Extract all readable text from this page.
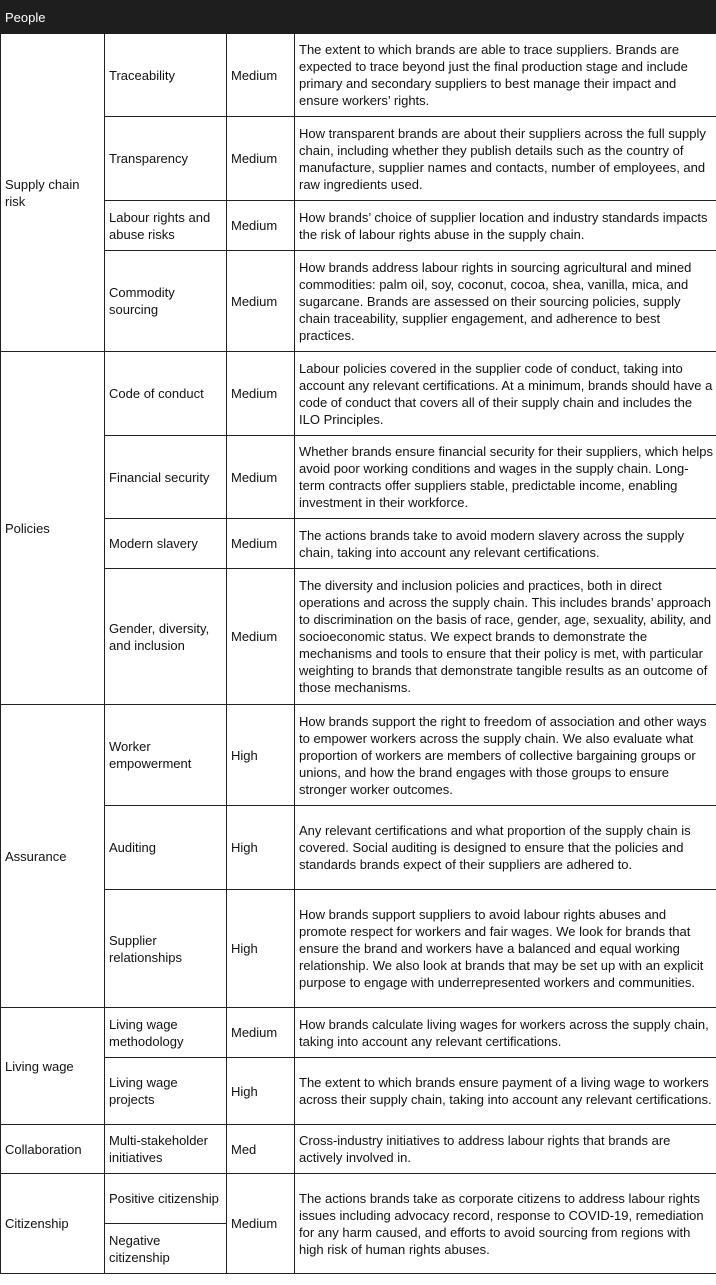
People			
Supply chain risk	Traceability	Medium	The extent to which brands are able to trace suppliers. Brands are expected to trace beyond just the final production stage and include primary and secondary suppliers to best manage their impact and ensure workers’ rights.
	Transparency	Medium	How transparent brands are about their suppliers across the full supply chain, including whether they publish details such as the country of manufacture, supplier names and contacts, number of employees, and raw ingredients used.
	Labour rights and abuse risks	Medium	How brands’ choice of supplier location and industry standards impacts the risk of labour rights abuse in the supply chain.
	Commodity sourcing	Medium	How brands address labour rights in sourcing agricultural and mined commodities: palm oil, soy, coconut, cocoa, shea, vanilla, mica, and sugarcane. Brands are assessed on their sourcing policies, supply chain traceability, supplier engagement, and adherence to best practices.
Policies	Code of conduct	Medium	Labour policies covered in the supplier code of conduct, taking into account any relevant certifications. At a minimum, brands should have a code of conduct that covers all of their supply chain and includes the ILO Principles.
	Financial security	Medium	Whether brands ensure financial security for their suppliers, which helps avoid poor working conditions and wages in the supply chain. Long-term contracts offer suppliers stable, predictable income, enabling investment in their workforce.
	Modern slavery	Medium	The actions brands take to avoid modern slavery across the supply chain, taking into account any relevant certifications.
	Gender, diversity, and inclusion	Medium	The diversity and inclusion policies and practices, both in direct operations and across the supply chain. This includes brands’ approach to discrimination on the basis of race, gender, age, sexuality, ability, and socioeconomic status. We expect brands to demonstrate the mechanisms and tools to ensure that their policy is met, with particular weighting to brands that demonstrate tangible results as an outcome of those mechanisms.
Assurance	Worker empowerment	High	How brands support the right to freedom of association and other ways to empower workers across the supply chain. We also evaluate what proportion of workers are members of collective bargaining groups or unions, and how the brand engages with those groups to ensure stronger worker outcomes.
	Auditing	High	Any relevant certifications and what proportion of the supply chain is covered. Social auditing is designed to ensure that the policies and standards brands expect of their suppliers are adhered to.
	Supplier relationships	High	How brands support suppliers to avoid labour rights abuses and promote respect for workers and fair wages. We look for brands that ensure the brand and workers have a balanced and equal working relationship. We also look at brands that may be set up with an explicit purpose to engage with underrepresented workers and communities.
Living wage	Living wage methodology	Medium	How brands calculate living wages for workers across the supply chain, taking into account any relevant certifications.
	Living wage projects	High	The extent to which brands ensure payment of a living wage to workers across their supply chain, taking into account any relevant certifications.
Collaboration	Multi-stakeholder initiatives	Med	Cross-industry initiatives to address labour rights that brands are actively involved in.
Citizenship	Positive citizenship	Medium	The actions brands take as corporate citizens to address labour rights issues including advocacy record, response to COVID-19, remediation for any harm caused, and efforts to avoid sourcing from regions with high risk of human rights abuses.
	Negative citizenship		
